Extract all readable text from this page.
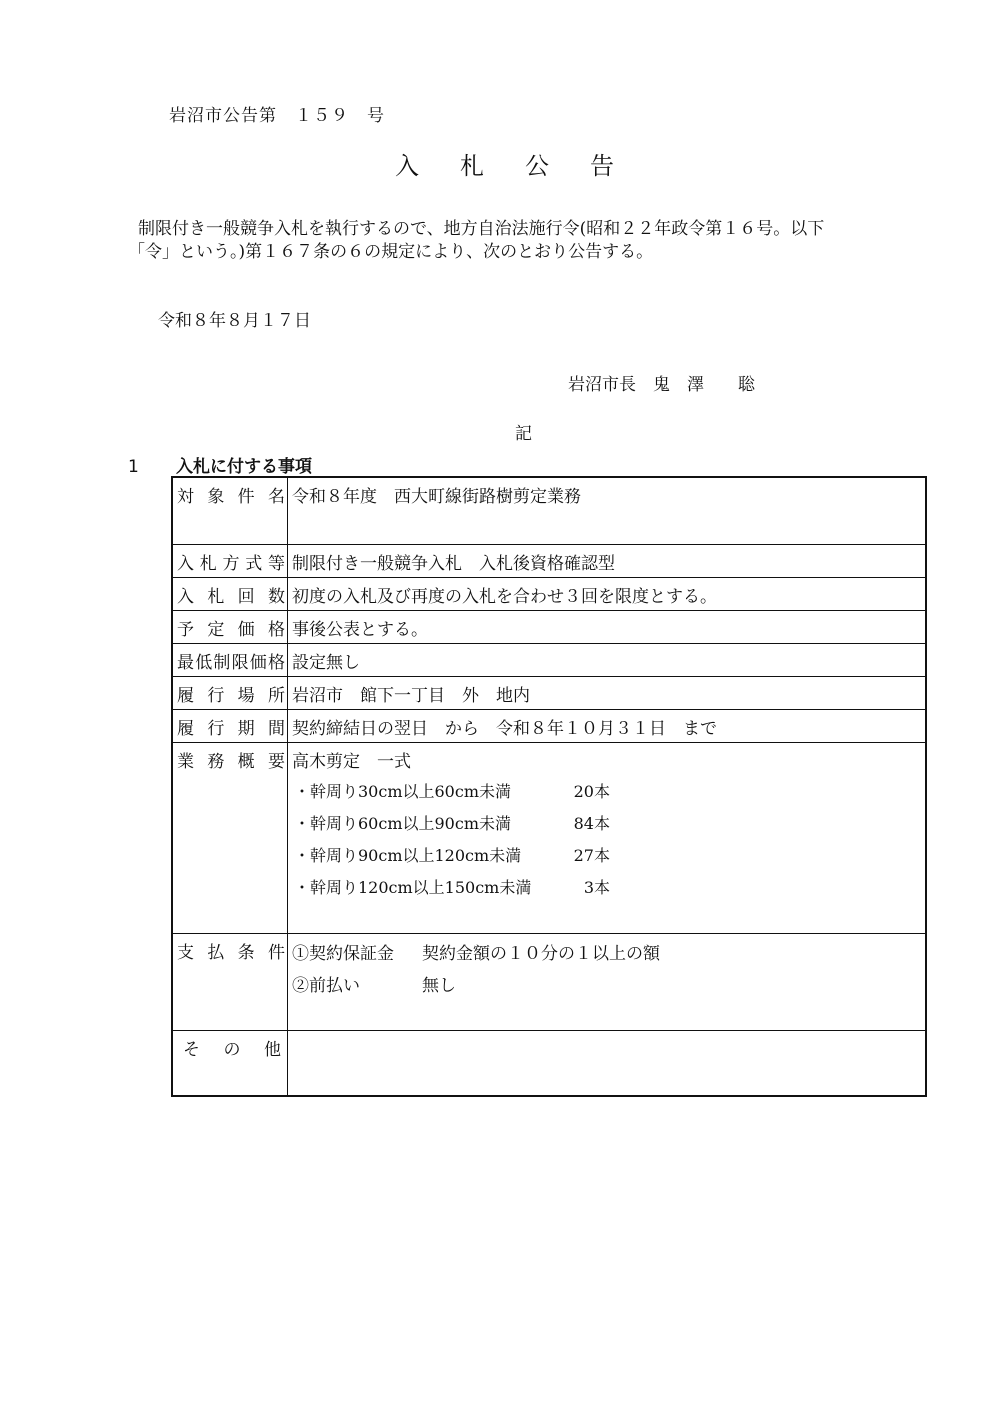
岩沼市公告第　１５９　号
入 札 公 告
制限付き一般競争入札を執行するので、地方自治法施行令(昭和２２年政令第１６号。以下
「令」という。)第１６７条の６の規定により、次のとおり公告する。
令和８年８月１７日
岩沼市長　鬼　澤　　聡
記
1 入札に付する事項
対象件名	令和８年度　西大町線街路樹剪定業務

入札方式等	制限付き一般競争入札　入札後資格確認型

入札回数	初度の入札及び再度の入札を合わせ３回を限度とする。

予定価格	事後公表とする。

最低制限価格	設定無し

履行場所	岩沼市　館下一丁目　外　地内

履行期間	契約締結日の翌日　から　令和８年１０月３１日　まで

業務概要	高木剪定　一式
・幹周り30cm以上60cm未満 20本
・幹周り60cm以上90cm未満 84本
・幹周り90cm以上120cm未満 27本
・幹周り120cm以上150cm未満 3本

支払条件	①契約保証金 契約金額の１０分の１以上の額
②前払い 無し

その他	
